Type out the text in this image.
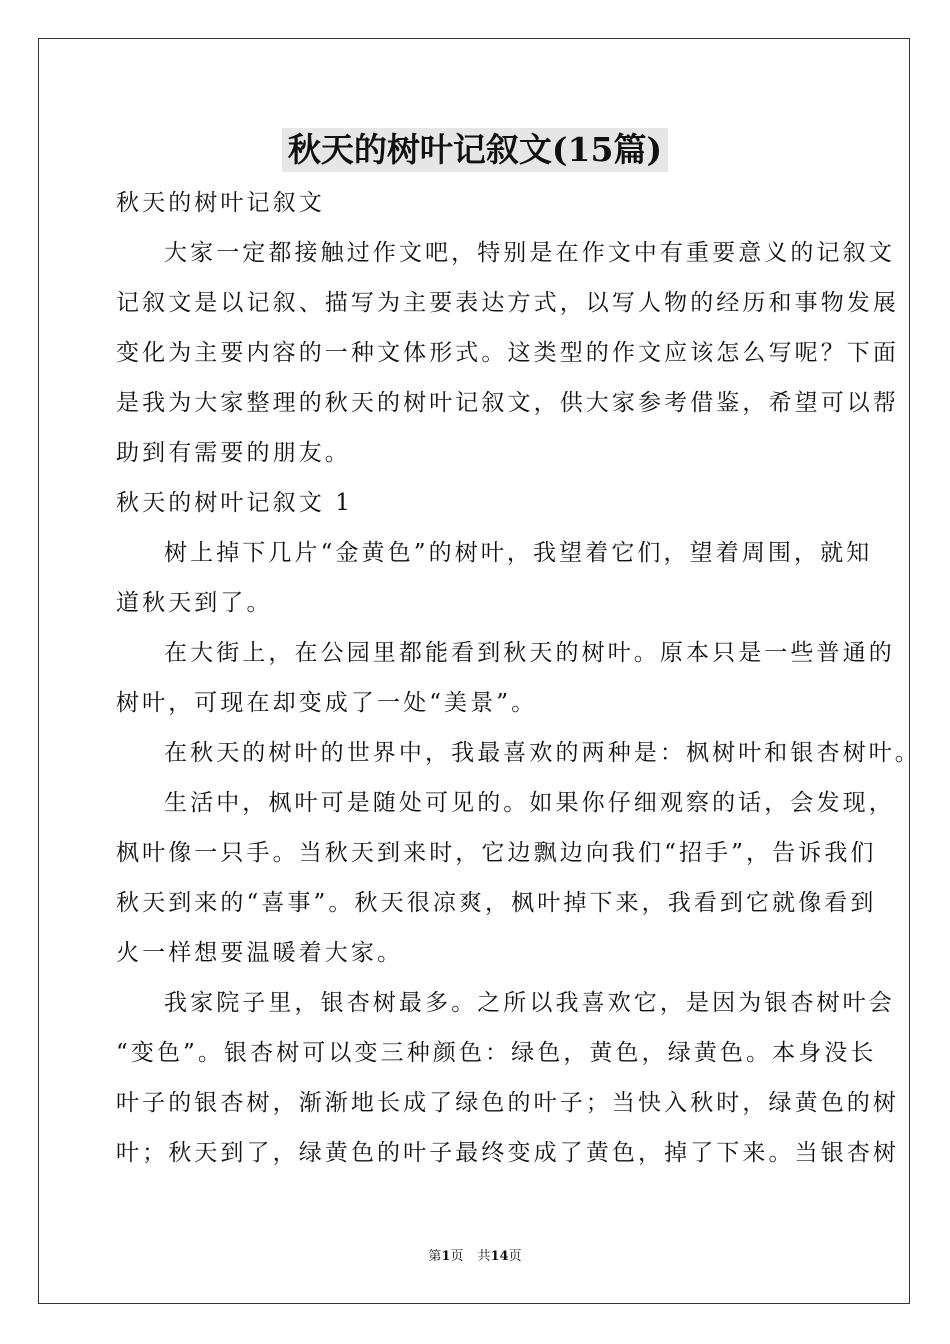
秋天的树叶记叙文(15篇)
秋天的树叶记叙文
大家一定都接触过作文吧，特别是在作文中有重要意义的记叙文
记叙文是以记叙、描写为主要表达方式，以写人物的经历和事物发展
变化为主要内容的一种文体形式。这类型的作文应该怎么写呢？下面
是我为大家整理的秋天的树叶记叙文，供大家参考借鉴，希望可以帮
助到有需要的朋友。
秋天的树叶记叙文 1
树上掉下几片“金黄色”的树叶，我望着它们，望着周围，就知
道秋天到了。
在大街上，在公园里都能看到秋天的树叶。原本只是一些普通的
树叶，可现在却变成了一处“美景”。
在秋天的树叶的世界中，我最喜欢的两种是：枫树叶和银杏树叶。
生活中，枫叶可是随处可见的。如果你仔细观察的话，会发现，
枫叶像一只手。当秋天到来时，它边飘边向我们“招手”，告诉我们
秋天到来的“喜事”。秋天很凉爽，枫叶掉下来，我看到它就像看到
火一样想要温暖着大家。
我家院子里，银杏树最多。之所以我喜欢它，是因为银杏树叶会
“变色”。银杏树可以变三种颜色：绿色，黄色，绿黄色。本身没长
叶子的银杏树，渐渐地长成了绿色的叶子；当快入秋时，绿黄色的树
叶；秋天到了，绿黄色的叶子最终变成了黄色，掉了下来。当银杏树
第1页 共14页
